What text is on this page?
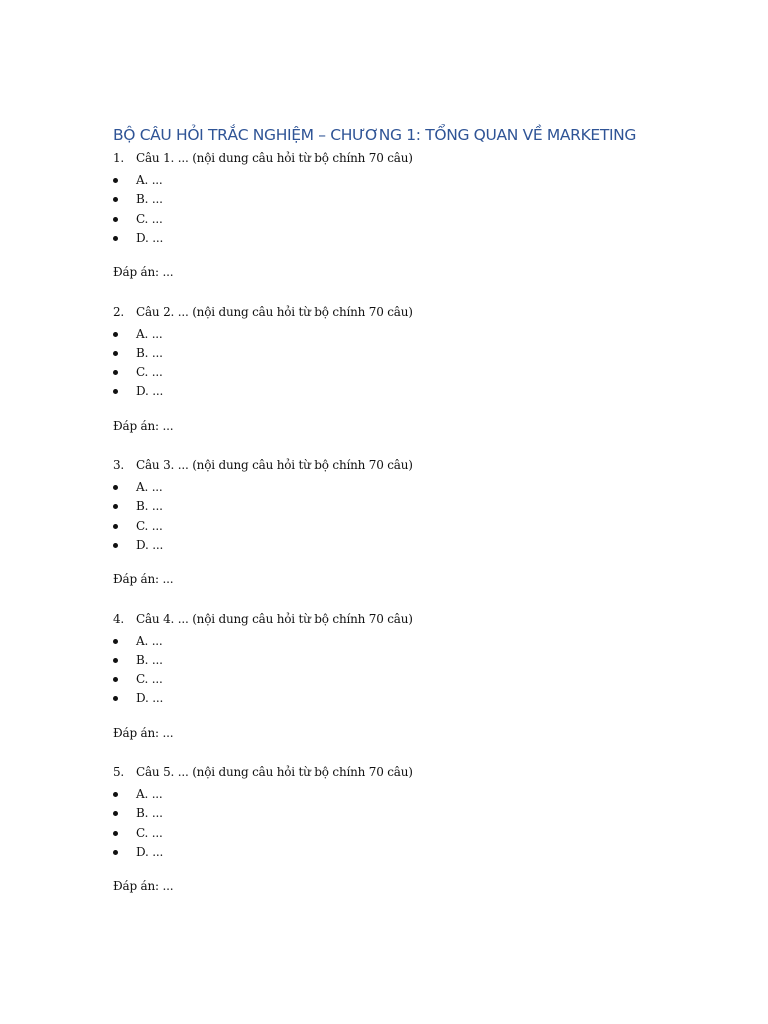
BỘ CÂU HỎI TRẮC NGHIỆM – CHƯƠNG 1: TỔNG QUAN VỀ MARKETING
1. Câu 1. ... (nội dung câu hỏi từ bộ chính 70 câu)
A. ...
B. ...
C. ...
D. ...
Đáp án: ...
2. Câu 2. ... (nội dung câu hỏi từ bộ chính 70 câu)
A. ...
B. ...
C. ...
D. ...
Đáp án: ...
3. Câu 3. ... (nội dung câu hỏi từ bộ chính 70 câu)
A. ...
B. ...
C. ...
D. ...
Đáp án: ...
4. Câu 4. ... (nội dung câu hỏi từ bộ chính 70 câu)
A. ...
B. ...
C. ...
D. ...
Đáp án: ...
5. Câu 5. ... (nội dung câu hỏi từ bộ chính 70 câu)
A. ...
B. ...
C. ...
D. ...
Đáp án: ...
